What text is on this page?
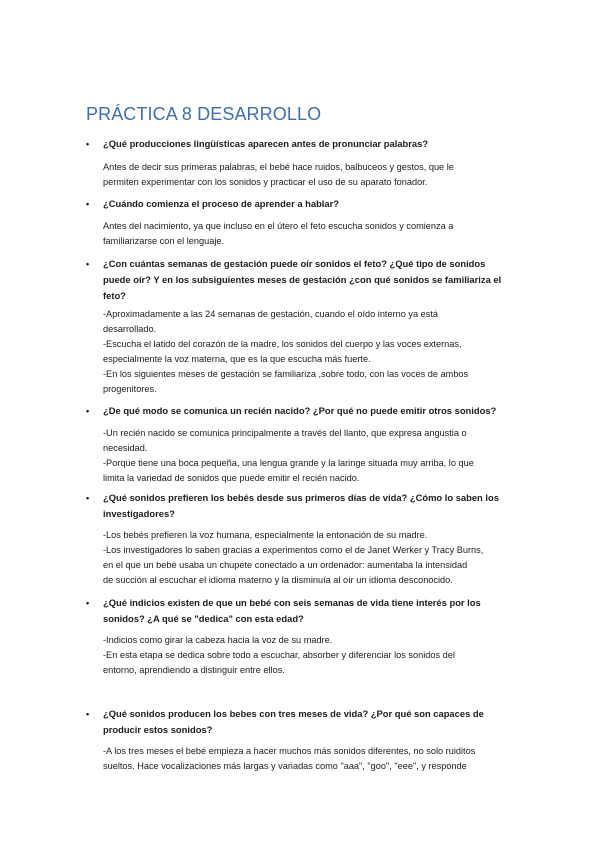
PRÁCTICA 8 DESARROLLO
• ¿Qué producciones lingüísticas aparecen antes de pronunciar palabras?
Antes de decir sus primeras palabras, el bebé hace ruidos, balbuceos y gestos, que le
permiten experimentar con los sonidos y practicar el uso de su aparato fonador.
• ¿Cuándo comienza el proceso de aprender a hablar?
Antes del nacimiento, ya que incluso en el útero el feto escucha sonidos y comienza a
familiarizarse con el lenguaje.
• ¿Con cuántas semanas de gestación puede oír sonidos el feto? ¿Qué tipo de sonidos
puede oír? Y en los subsiguientes meses de gestación ¿con qué sonidos se familiariza el
feto?
-Aproximadamente a las 24 semanas de gestación, cuando el oído interno ya está
desarrollado.
-Escucha el latido del corazón de la madre, los sonidos del cuerpo y las voces externas,
especialmente la voz materna, que es la que escucha más fuerte.
-En los siguientes meses de gestación se familiariza ,sobre todo, con las voces de ambos
progenitores.
• ¿De qué modo se comunica un recién nacido? ¿Por qué no puede emitir otros sonidos?
-Un recién nacido se comunica principalmente a través del llanto, que expresa angustia o
necesidad.
-Porque tiene una boca pequeña, una lengua grande y la laringe situada muy arriba, lo que
limita la variedad de sonidos que puede emitir el recién nacido.
• ¿Qué sonidos prefieren los bebés desde sus primeros días de vida? ¿Cómo lo saben los
investigadores?
-Los bebés prefieren la voz humana, especialmente la entonación de su madre.
-Los investigadores lo saben gracias a experimentos como el de Janet Werker y Tracy Burns,
en el que un bebé usaba un chupete conectado a un ordenador: aumentaba la intensidad
de succión al escuchar el idioma materno y la disminuía al oír un idioma desconocido.
• ¿Qué indicios existen de que un bebé con seis semanas de vida tiene interés por los
sonidos? ¿A qué se "dedica" con esta edad?
-Indicios como girar la cabeza hacia la voz de su madre.
-En esta etapa se dedica sobre todo a escuchar, absorber y diferenciar los sonidos del
entorno, aprendiendo a distinguir entre ellos.
• ¿Qué sonidos producen los bebes con tres meses de vida? ¿Por qué son capaces de
producir estos sonidos?
-A los tres meses el bebé empieza a hacer muchos más sonidos diferentes, no solo ruiditos
sueltos. Hace vocalizaciones más largas y variadas como "aaa", "goo", "eee", y responde
